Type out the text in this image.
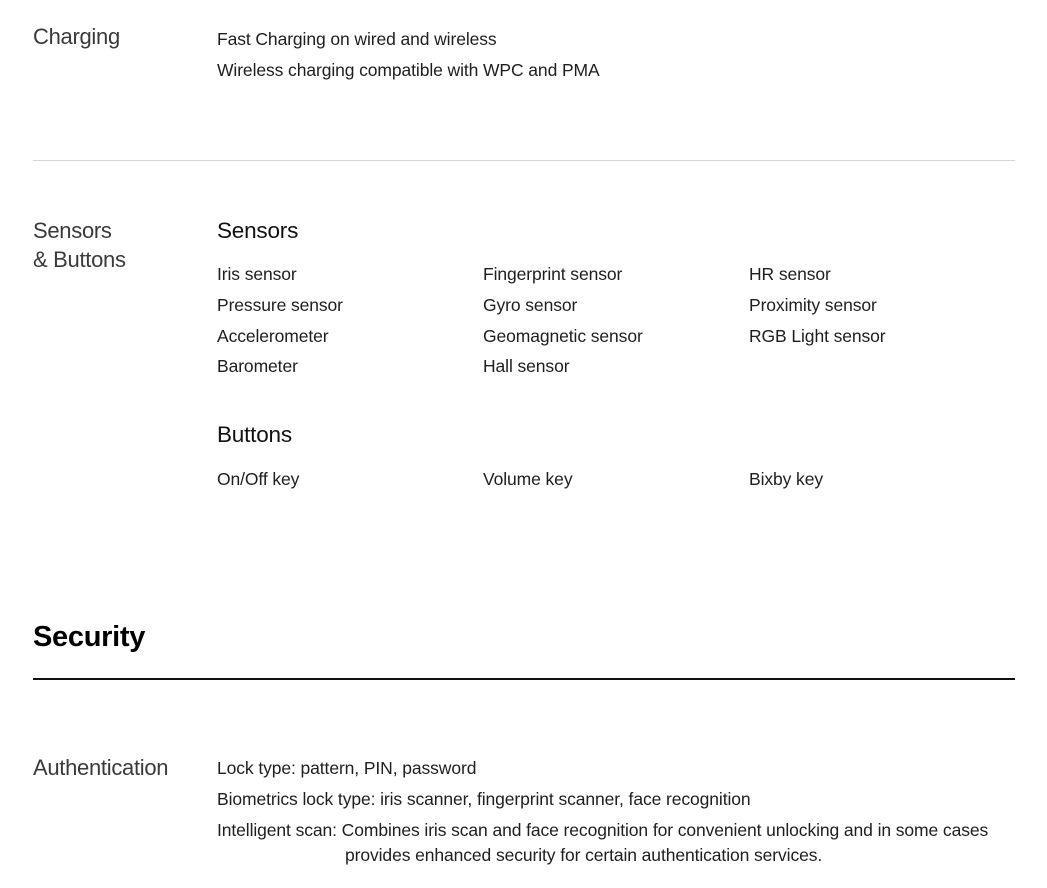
Charging	Fast Charging on wired and wireless
Wireless charging compatible with WPC and PMA
Sensors
& Buttons
Sensors
Iris sensor	Fingerprint sensor	HR sensor
Pressure sensor	Gyro sensor	Proximity sensor
Accelerometer	Geomagnetic sensor	RGB Light sensor
Barometer	Hall sensor
Buttons
On/Off key	Volume key	Bixby key
Security
Authentication	Lock type: pattern, PIN, password
Biometrics lock type: iris scanner, fingerprint scanner, face recognition
Intelligent scan: Combines iris scan and face recognition for convenient unlocking and in some cases
provides enhanced security for certain authentication services.
